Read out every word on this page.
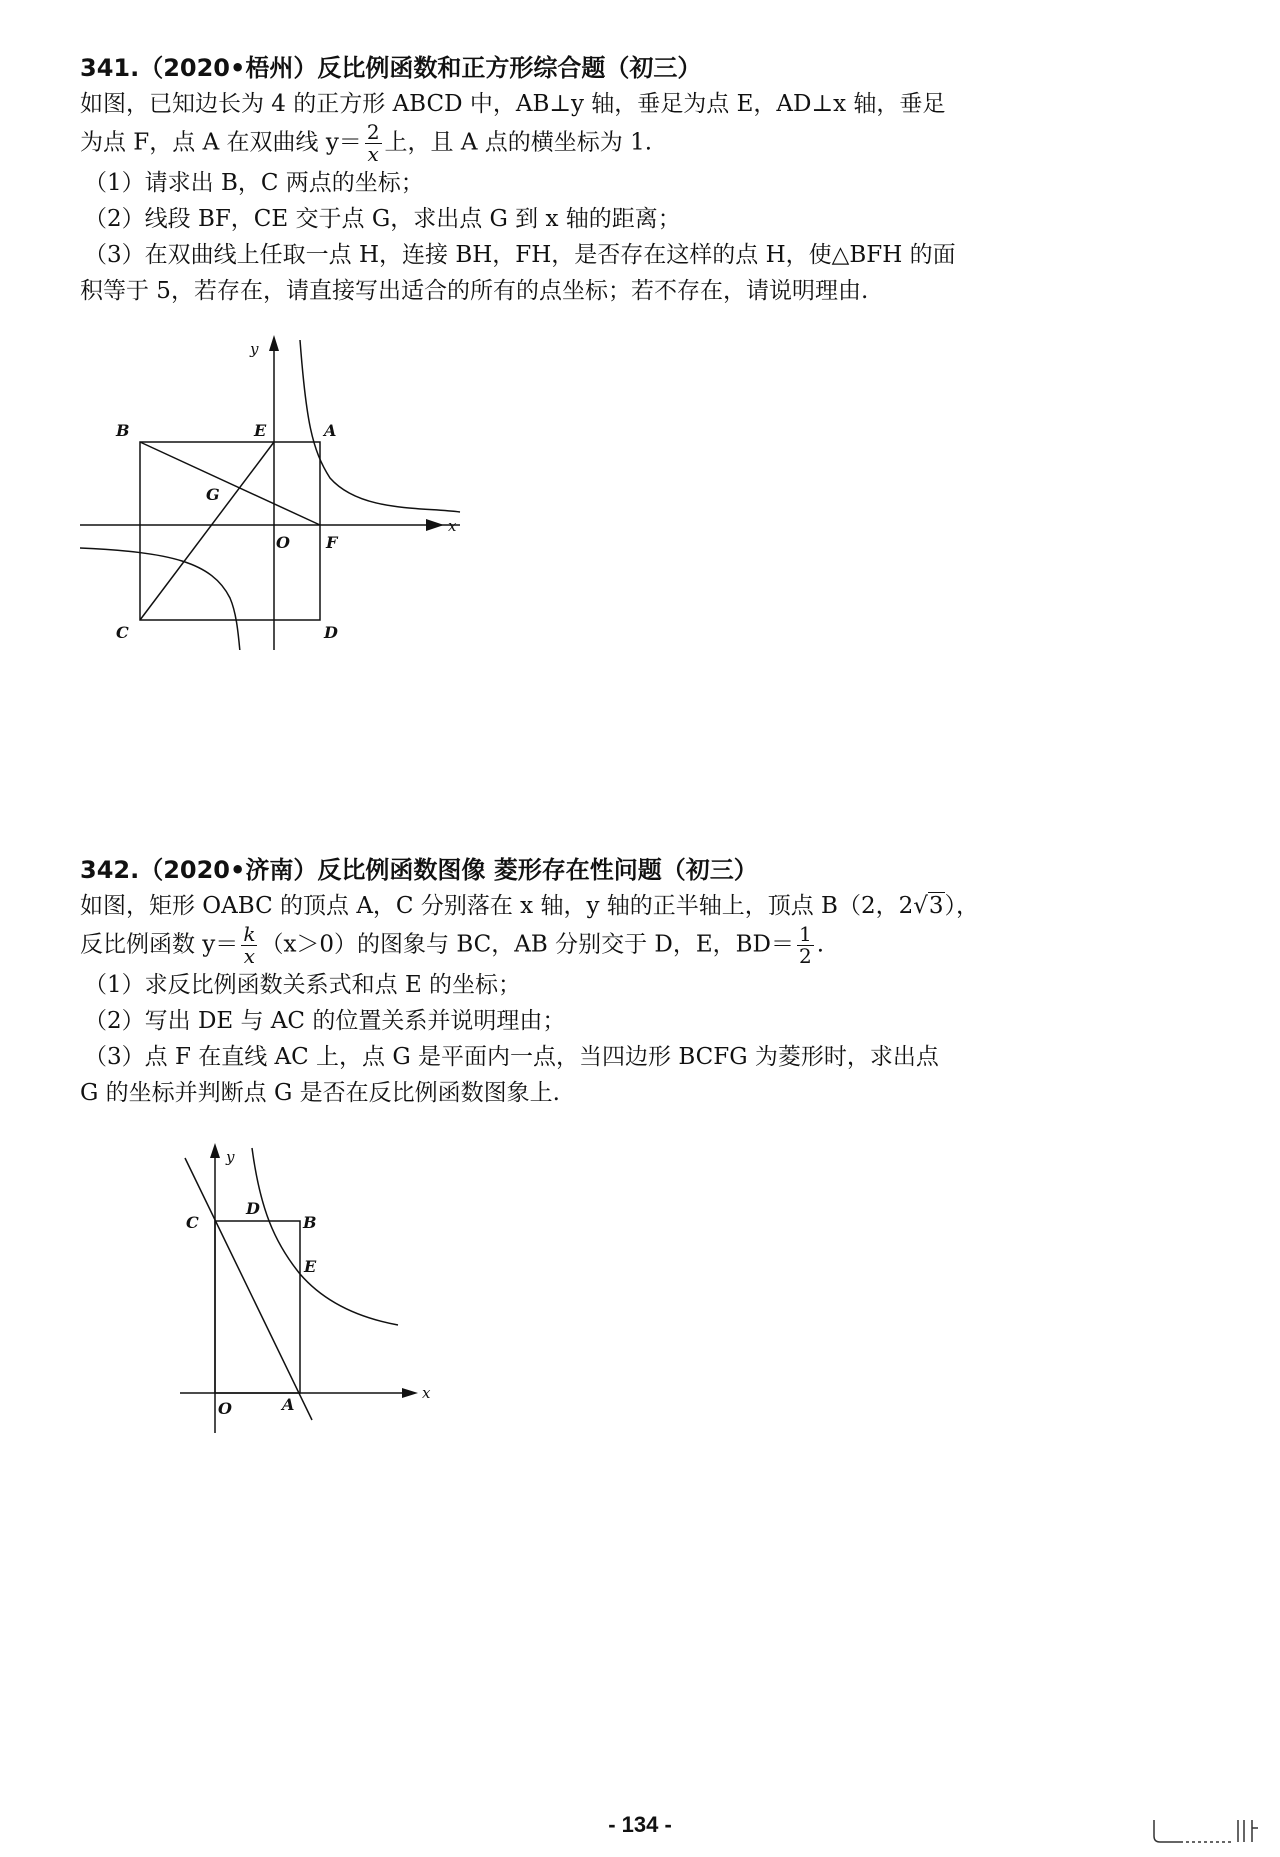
341.（2020•梧州）反比例函数和正方形综合题（初三）
如图，已知边长为 4 的正方形 ABCD 中，AB⊥y 轴，垂足为点 E，AD⊥x 轴，垂足
为点 F，点 A 在双曲线 $y= \frac{2}{x}$ 上，且 A 点的横坐标为 1.
（1）请求出 B，C 两点的坐标；
（2）线段 BF，CE 交于点 G，求出点 G 到 x 轴的距离；
（3）在双曲线上任取一点 H，连接 BH，FH，是否存在这样的点 H，使△BFH 的面
积等于 5，若存在，请直接写出适合的所有的点坐标；若不存在，请说明理由.
y
x
B	E	A
G
O F
C	D
342.（2020•济南）反比例函数图像 菱形存在性问题（初三）
如图，矩形 OABC 的顶点 A，C 分别落在 x 轴，y 轴的正半轴上，顶点 B（2，2√3），
反比例函数 $y= \frac{k}{x} (x>0)$的图象与 BC，AB 分别交于 D，E，$BD= \frac{1}{2}$ .
（1）求反比例函数关系式和点 E 的坐标；
（2）写出 DE 与 AC 的位置关系并说明理由；
（3）点 F 在直线 AC 上，点 G 是平面内一点，当四边形 BCFG 为菱形时，求出点
G 的坐标并判断点 G 是否在反比例函数图象上.
y
x
C
D
B
E
O	A
- 134 -
